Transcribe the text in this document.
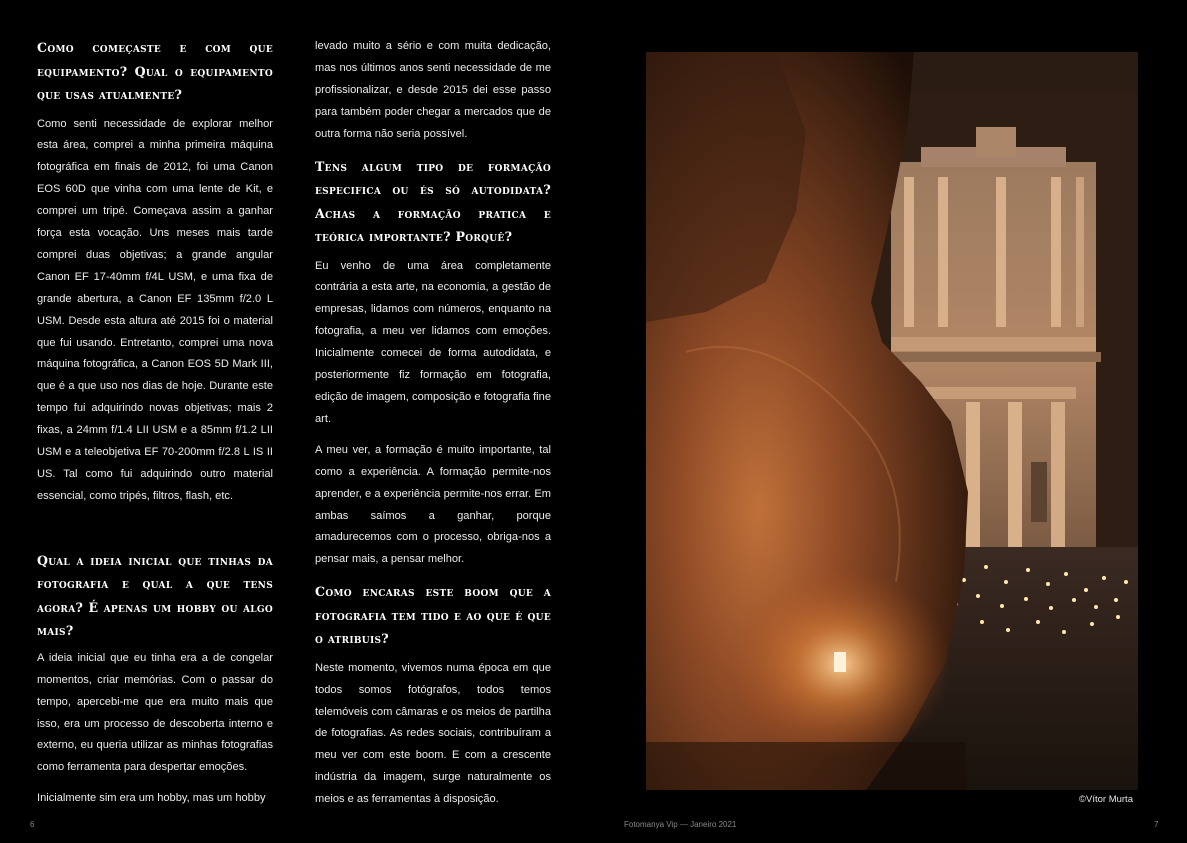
Como começaste e com que equipamento? Qual o equipamento que usas atualmente?

Como senti necessidade de explorar melhor esta área, comprei a minha primeira máquina fotográfica em finais de 2012, foi uma Canon EOS 60D que vinha com uma lente de Kit, e comprei um tripé. Começava assim a ganhar força esta vocação. Uns meses mais tarde comprei duas objetivas; a grande angular Canon EF 17-40mm f/4L USM, e uma fixa de grande abertura, a Canon EF 135mm f/2.0 L USM. Desde esta altura até 2015 foi o material que fui usando. Entretanto, comprei uma nova máquina fotográfica, a Canon EOS 5D Mark III, que é a que uso nos dias de hoje. Durante este tempo fui adquirindo novas objetivas; mais 2 fixas, a 24mm f/1.4 LII USM e a 85mm f/1.2 LII USM e a teleobjetiva EF 70-200mm f/2.8 L IS II US. Tal como fui adquirindo outro material essencial, como tripés, filtros, flash, etc.

Qual a ideia inicial que tinhas da fotografia e qual a que tens agora? É apenas um hobby ou algo mais?

A ideia inicial que eu tinha era a de congelar momentos, criar memórias. Com o passar do tempo, apercebi-me que era muito mais que isso, era um processo de descoberta interno e externo, eu queria utilizar as minhas fotografias como ferramenta para despertar emoções.

Inicialmente sim era um hobby, mas um hobby

levado muito a sério e com muita dedicação, mas nos últimos anos senti necessidade de me profissionalizar, e desde 2015 dei esse passo para também poder chegar a mercados que de outra forma não seria possível.

Tens algum tipo de formação especifica ou és só autodidata? Achas a formação pratica e teórica importante? Porquê?

Eu venho de uma área completamente contrária a esta arte, na economia, a gestão de empresas, lidamos com números, enquanto na fotografia, a meu ver lidamos com emoções. Inicialmente comecei de forma autodidata, e posteriormente fiz formação em fotografia, edição de imagem, composição e fotografia fine art.

A meu ver, a formação é muito importante, tal como a experiência. A formação permite-nos aprender, e a experiência permite-nos errar. Em ambas saímos a ganhar, porque amadurecemos com o processo, obriga-nos a pensar mais, a pensar melhor.

Como encaras este boom que a fotografia tem tido e ao que é que o atribuis?

Neste momento, vivemos numa época em que todos somos fotógrafos, todos temos telemóveis com câmaras e os meios de partilha de fotografias. As redes sociais, contribuíram a meu ver com este boom. E com a crescente indústria da imagem, surge naturalmente os meios e as ferramentas à disposição.	©Vítor Murta
6	Fotomanya Vip — Janeiro 2021	7
